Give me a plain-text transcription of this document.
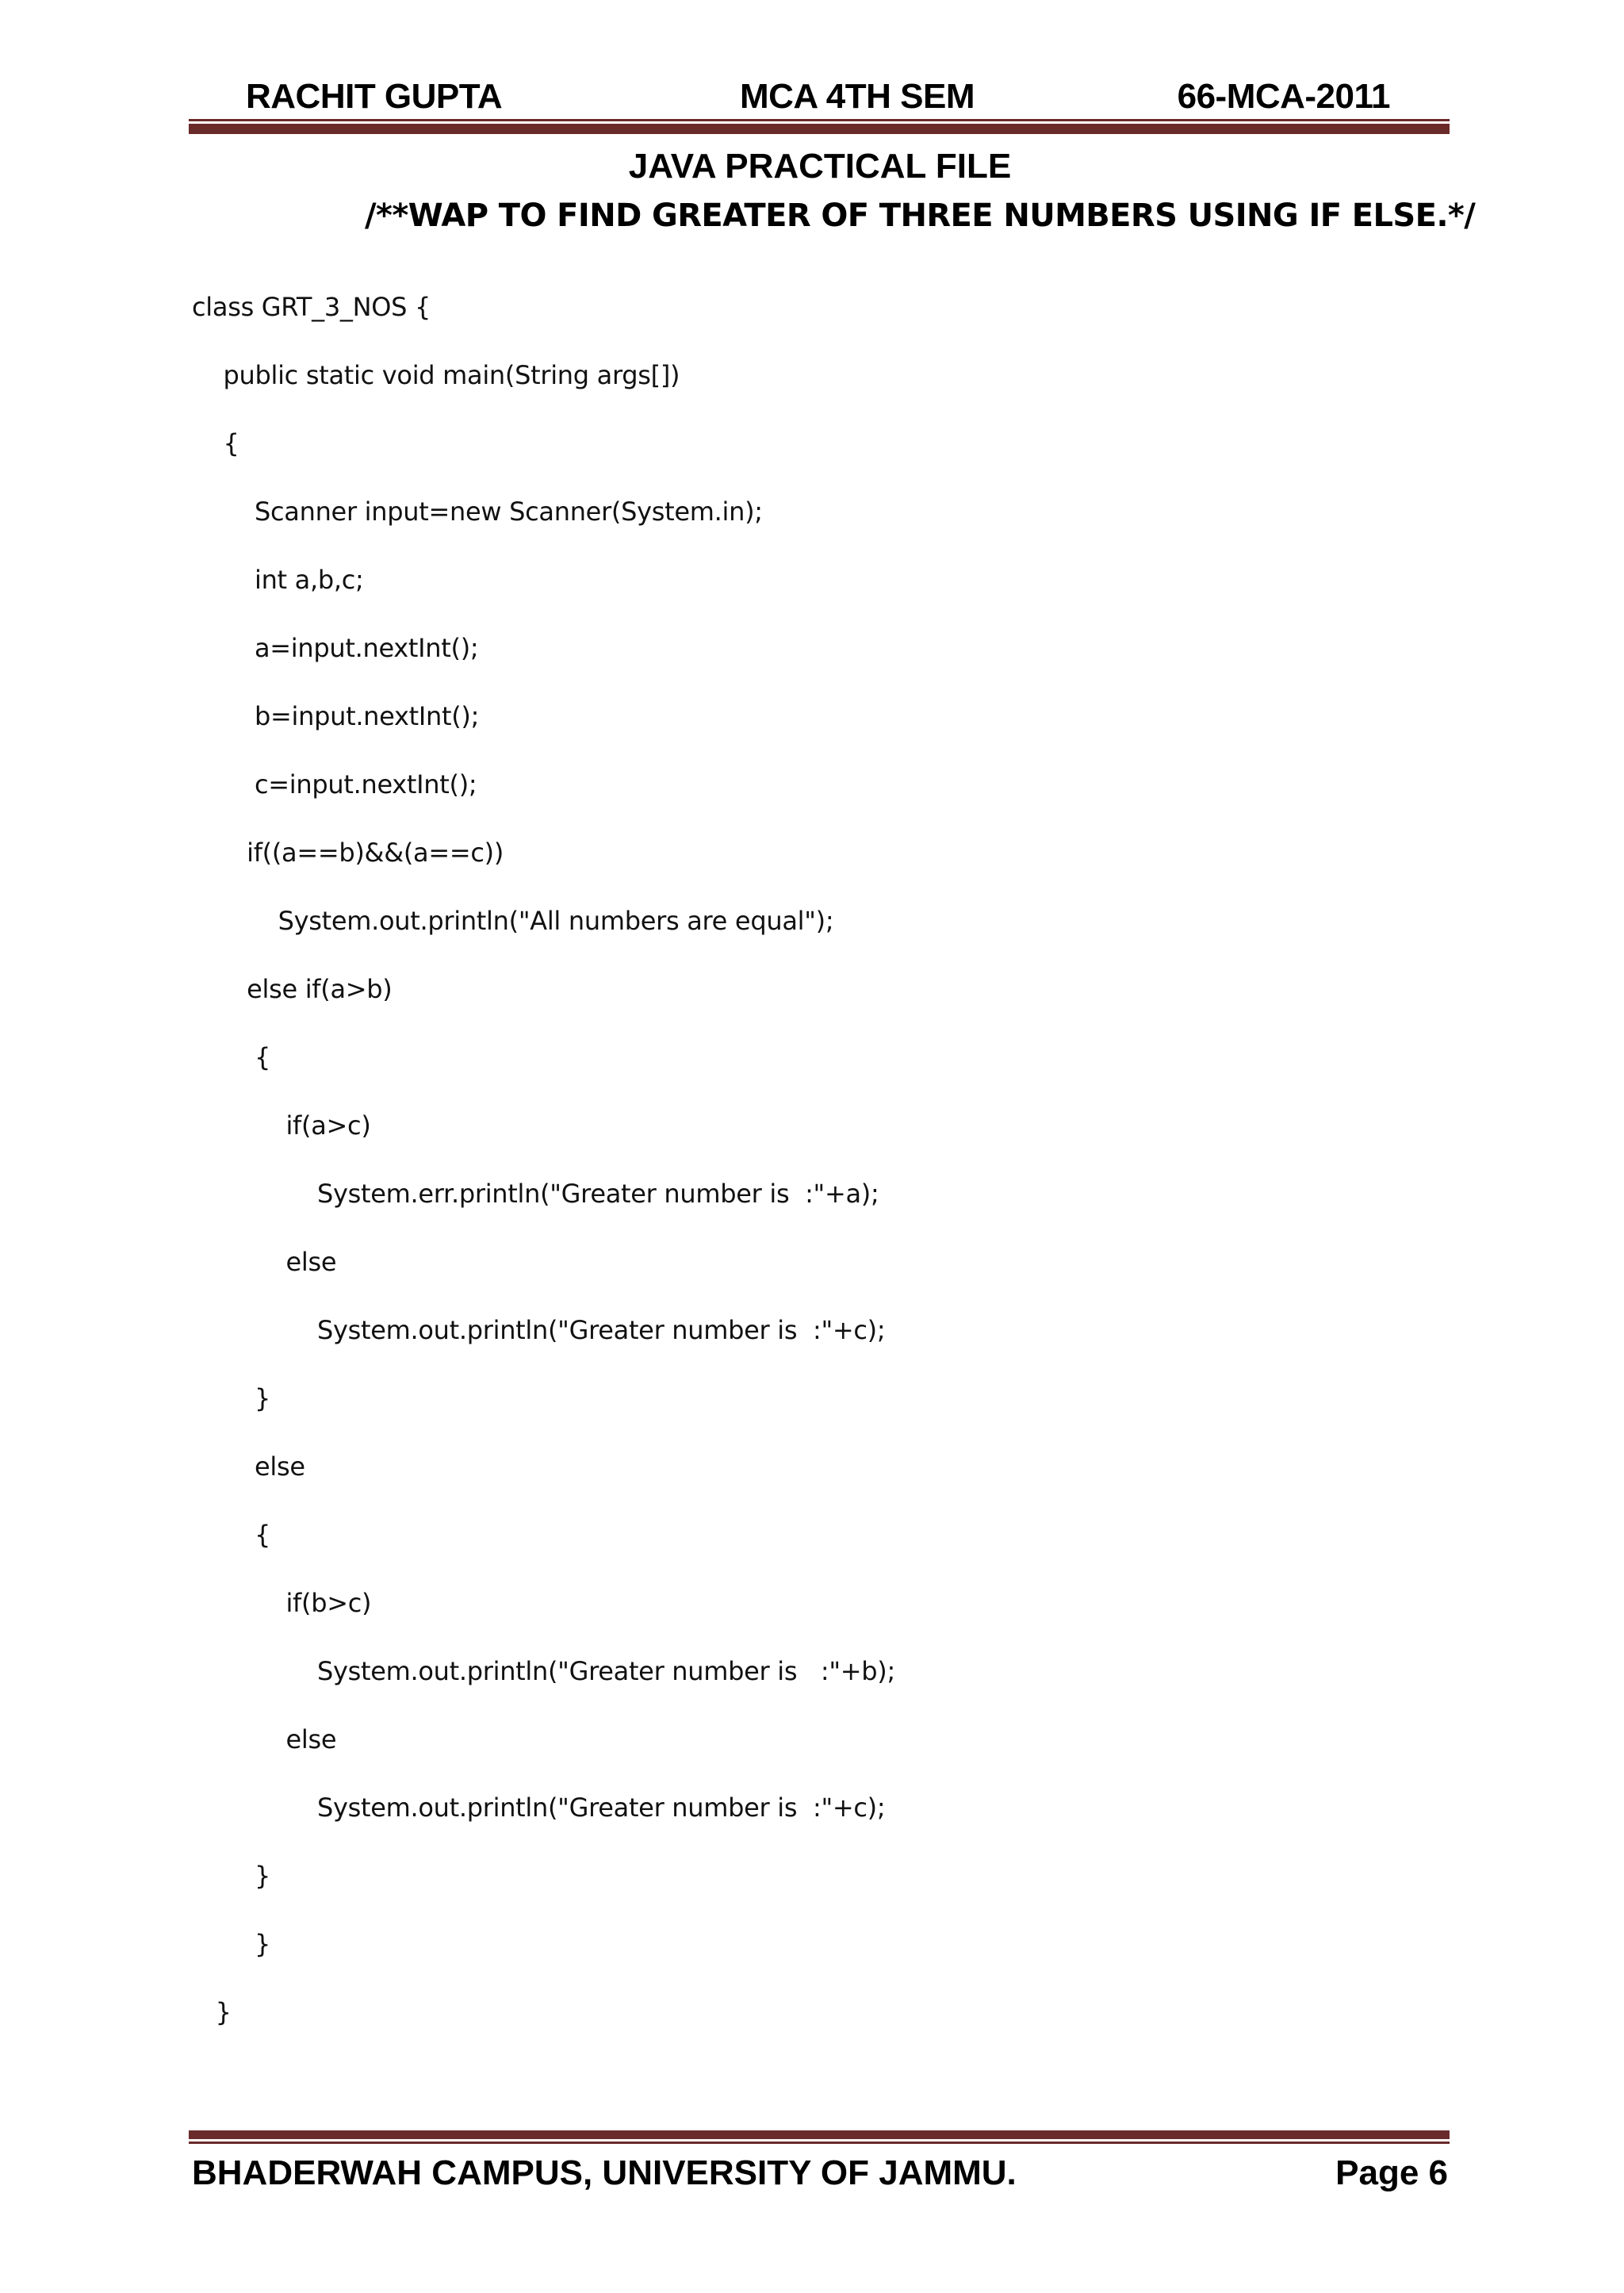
RACHIT GUPTA	MCA 4TH SEM	66-MCA-2011
JAVA PRACTICAL FILE
/**WAP TO FIND GREATER OF THREE NUMBERS USING IF ELSE.*/
class GRT_3_NOS {
public static void main(String args[])
{
Scanner input=new Scanner(System.in);
int a,b,c;
a=input.nextInt();
b=input.nextInt();
c=input.nextInt();
if((a==b)&&(a==c))
System.out.println("All numbers are equal");
else if(a>b)
{
if(a>c)
System.err.println("Greater number is  :"+a);
else
System.out.println("Greater number is  :"+c);
}
else
{
if(b>c)
System.out.println("Greater number is   :"+b);
else
System.out.println("Greater number is  :"+c);
}
}
}
BHADERWAH CAMPUS, UNIVERSITY OF JAMMU.	Page 6
